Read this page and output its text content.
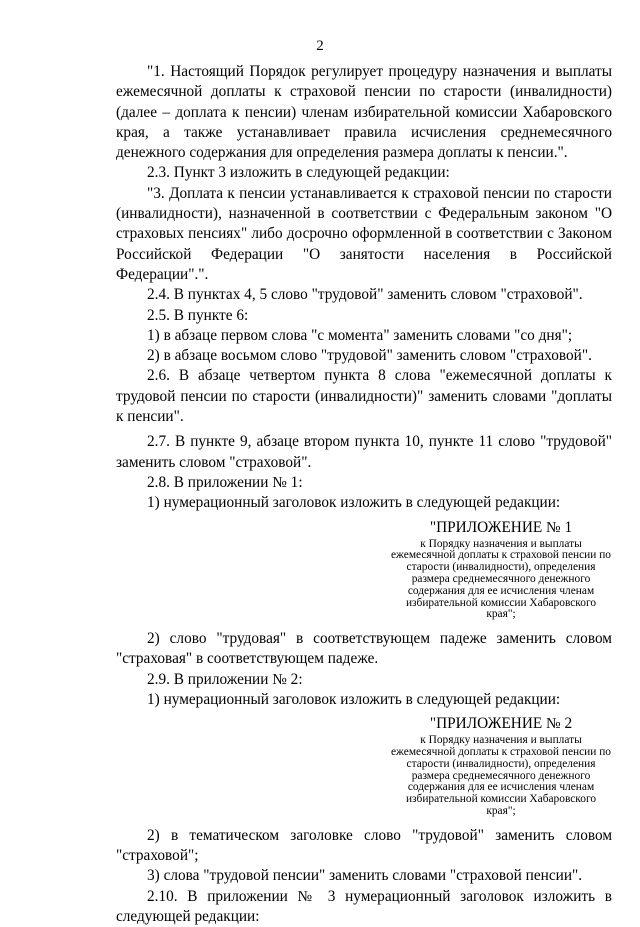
2

"1. Настоящий Порядок регулирует процедуру назначения и выплаты ежемесячной доплаты к страховой пенсии по старости (инвалидности) (далее – доплата к пенсии) членам избирательной комиссии Хабаровского края, а также устанавливает правила исчисления среднемесячного денежного содержания для определения размера доплаты к пенсии.".

2.3. Пункт 3 изложить в следующей редакции:

"3. Доплата к пенсии устанавливается к страховой пенсии по старости (инвалидности), назначенной в соответствии с Федеральным законом "О страховых пенсиях" либо досрочно оформленной в соответствии с Законом Российской Федерации "О занятости населения в Российской Федерации".".

2.4. В пунктах 4, 5 слово "трудовой" заменить словом "страховой".

2.5. В пункте 6:

1) в абзаце первом слова "с момента" заменить словами "со дня";

2) в абзаце восьмом слово "трудовой" заменить словом "страховой".

2.6. В абзаце четвертом пункта 8 слова "ежемесячной доплаты к трудовой пенсии по старости (инвалидности)" заменить словами "доплаты к пенсии".

2.7. В пункте 9, абзаце втором пункта 10, пункте 11 слово "трудовой" заменить словом "страховой".

2.8. В приложении № 1:

1) нумерационный заголовок изложить в следующей редакции:

"ПРИЛОЖЕНИЕ № 1

к Порядку назначения и выплаты ежемесячной доплаты к страховой пенсии по старости (инвалидности), определения размера среднемесячного денежного содержания для ее исчисления членам избирательной комиссии Хабаровского края";

2) слово "трудовая" в соответствующем падеже заменить словом "страховая" в соответствующем падеже.

2.9. В приложении № 2:

1) нумерационный заголовок изложить в следующей редакции:

"ПРИЛОЖЕНИЕ № 2

к Порядку назначения и выплаты ежемесячной доплаты к страховой пенсии по старости (инвалидности), определения размера среднемесячного денежного содержания для ее исчисления членам избирательной комиссии Хабаровского края";

2) в тематическом заголовке слово "трудовой" заменить словом "страховой";

3) слова "трудовой пенсии" заменить словами "страховой пенсии".

2.10. В приложении № 3 нумерационный заголовок изложить в следующей редакции:
